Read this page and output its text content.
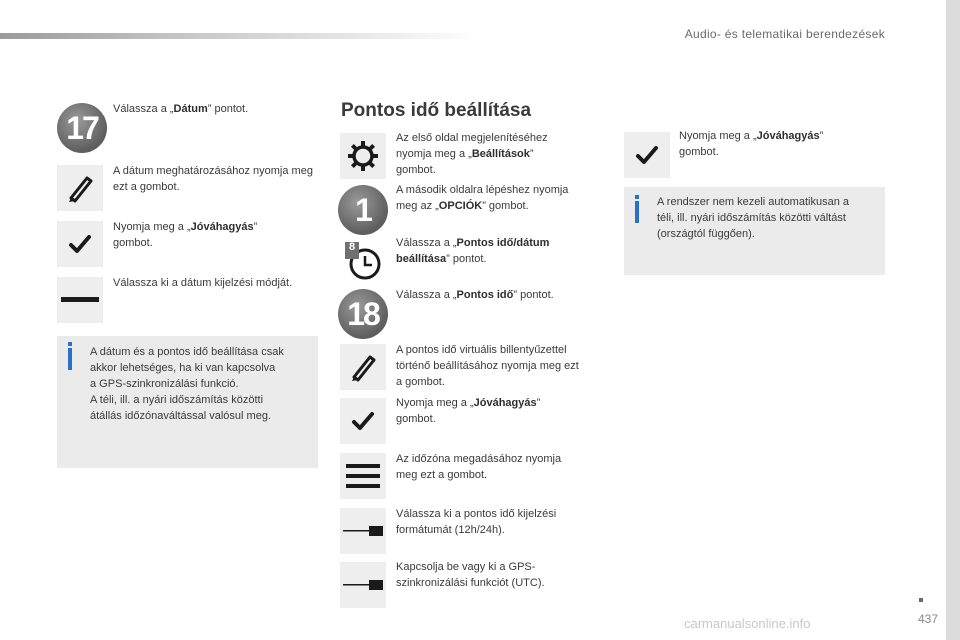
Audio- és telematikai berendezések
17
Válassza a „Dátum” pontot.
A dátum meghatározásához nyomja meg ezt a gombot.
Nyomja meg a „Jóváhagyás” gombot.
Válassza ki a dátum kijelzési módját.
A dátum és a pontos idő beállítása csak
akkor lehetséges, ha ki van kapcsolva
a GPS-szinkronizálási funkció.
A téli, ill. a nyári időszámítás közötti
átállás időzónaváltással valósul meg.
Pontos idő beállítása
Az első oldal megjelenítéséhez
nyomja meg a „Beállítások”
gombot.
1
A második oldalra lépéshez nyomja
meg az „OPCIÓK” gombot.
8	Válassza a „Pontos idő/dátum
beállítása” pontot.
18
Válassza a „Pontos idő” pontot.
A pontos idő virtuális billentyűzettel
történő beállításához nyomja meg ezt
a gombot.
Nyomja meg a „Jóváhagyás”
gombot.
Az időzóna megadásához nyomja
meg ezt a gombot.
Válassza ki a pontos idő kijelzési
formátumát (12h/24h).
Kapcsolja be vagy ki a GPS-
szinkronizálási funkciót (UTC).
Nyomja meg a „Jóváhagyás”
gombot.
A rendszer nem kezeli automatikusan a
téli, ill. nyári időszámítás közötti váltást
(országtól függően).
437
carmanualsonline.info
